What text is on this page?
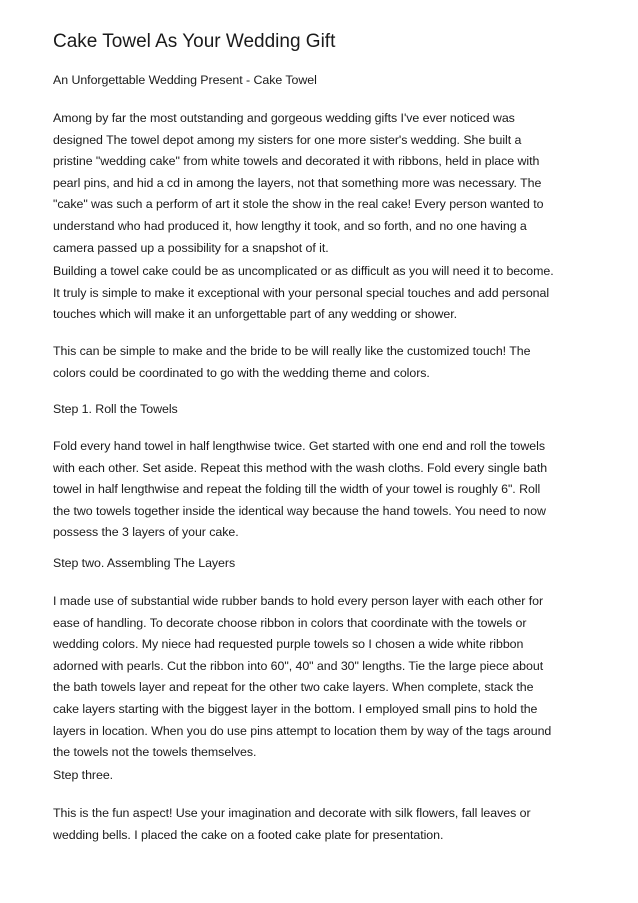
Cake Towel As Your Wedding Gift

An Unforgettable Wedding Present - Cake Towel

Among by far the most outstanding and gorgeous wedding gifts I've ever noticed was
designed The towel depot among my sisters for one more sister's wedding. She built a
pristine "wedding cake" from white towels and decorated it with ribbons, held in place with
pearl pins, and hid a cd in among the layers, not that something more was necessary. The
"cake" was such a perform of art it stole the show in the real cake! Every person wanted to
understand who had produced it, how lengthy it took, and so forth, and no one having a
camera passed up a possibility for a snapshot of it.

Building a towel cake could be as uncomplicated or as difficult as you will need it to become.
It truly is simple to make it exceptional with your personal special touches and add personal
touches which will make it an unforgettable part of any wedding or shower.

This can be simple to make and the bride to be will really like the customized touch! The
colors could be coordinated to go with the wedding theme and colors.

Step 1. Roll the Towels

Fold every hand towel in half lengthwise twice. Get started with one end and roll the towels
with each other. Set aside. Repeat this method with the wash cloths. Fold every single bath
towel in half lengthwise and repeat the folding till the width of your towel is roughly 6". Roll
the two towels together inside the identical way because the hand towels. You need to now
possess the 3 layers of your cake.

Step two. Assembling The Layers

I made use of substantial wide rubber bands to hold every person layer with each other for
ease of handling. To decorate choose ribbon in colors that coordinate with the towels or
wedding colors. My niece had requested purple towels so I chosen a wide white ribbon
adorned with pearls. Cut the ribbon into 60", 40" and 30" lengths. Tie the large piece about
the bath towels layer and repeat for the other two cake layers. When complete, stack the
cake layers starting with the biggest layer in the bottom. I employed small pins to hold the
layers in location. When you do use pins attempt to location them by way of the tags around
the towels not the towels themselves.

Step three.

This is the fun aspect! Use your imagination and decorate with silk flowers, fall leaves or
wedding bells. I placed the cake on a footed cake plate for presentation.
